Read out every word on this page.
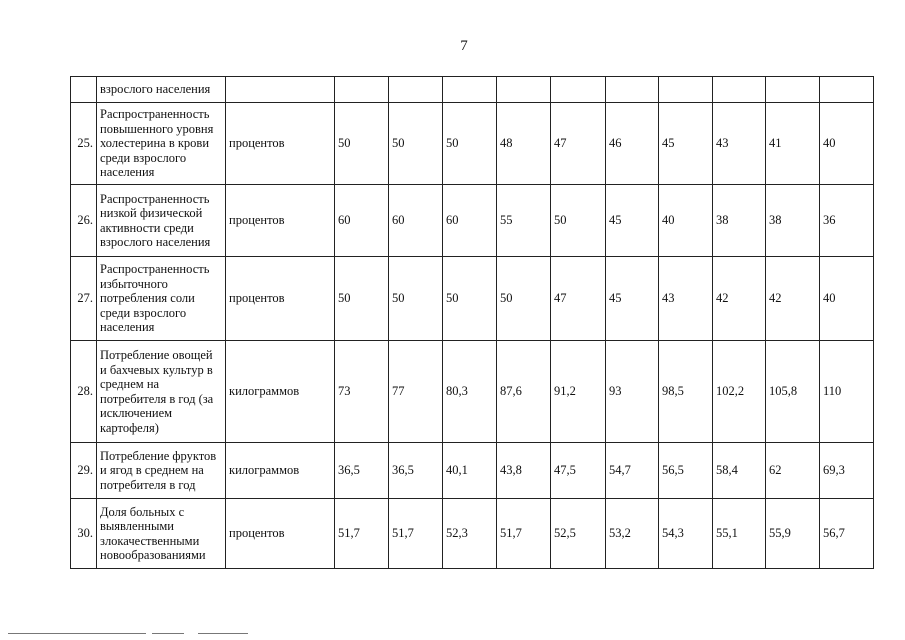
7
	взрослого населения											
25.	Распространенность повышенного уровня холестерина в крови среди взрослого населения	процентов	50	50	50	48	47	46	45	43	41	40
26.	Распространенность низкой физической активности среди взрослого населения	процентов	60	60	60	55	50	45	40	38	38	36
27.	Распространенность избыточного потребления соли среди взрослого населения	процентов	50	50	50	50	47	45	43	42	42	40
28.	Потребление овощей и бахчевых культур в среднем на потребителя в год (за исключением картофеля)	килограммов	73	77	80,3	87,6	91,2	93	98,5	102,2	105,8	110
29.	Потребление фруктов и ягод в среднем на потребителя в год	килограммов	36,5	36,5	40,1	43,8	47,5	54,7	56,5	58,4	62	69,3
30.	Доля больных с выявленными злокачественными новообразованиями	процентов	51,7	51,7	52,3	51,7	52,5	53,2	54,3	55,1	55,9	56,7
